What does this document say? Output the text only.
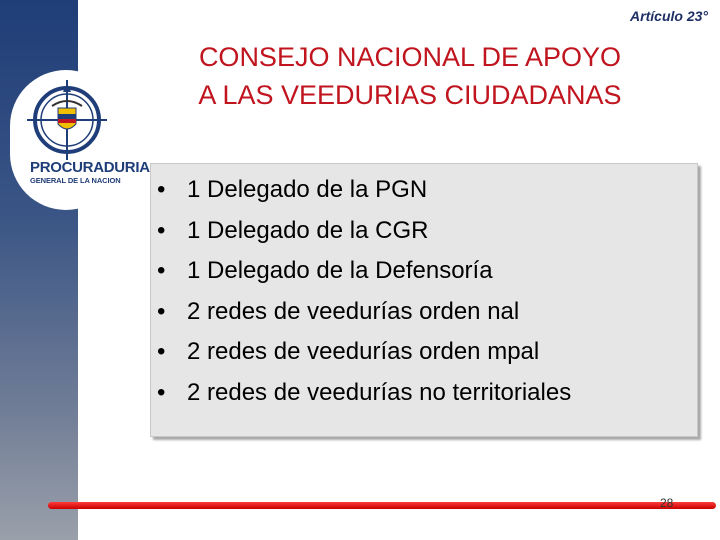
PROCURADURIA
GENERAL DE LA NACION
Artículo 23°
CONSEJO NACIONAL DE APOYO
A LAS VEEDURIAS CIUDADANAS
• 1 Delegado de la PGN
• 1 Delegado de la CGR
• 1 Delegado de la Defensoría
• 2 redes de veedurías orden nal
• 2 redes de veedurías orden mpal
• 2 redes de veedurías no territoriales
28
